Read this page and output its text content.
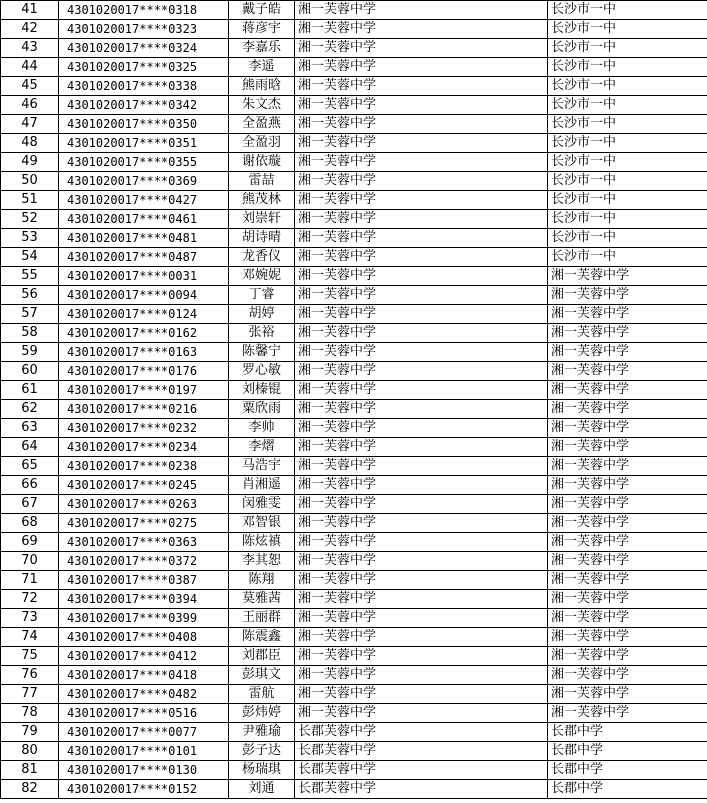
41	4301020017****0318	戴子皓	湘一芙蓉中学	长沙市一中
42	4301020017****0323	蒋彦宇	湘一芙蓉中学	长沙市一中
43	4301020017****0324	李嘉乐	湘一芙蓉中学	长沙市一中
44	4301020017****0325	李遥	湘一芙蓉中学	长沙市一中
45	4301020017****0338	熊雨晗	湘一芙蓉中学	长沙市一中
46	4301020017****0342	朱文杰	湘一芙蓉中学	长沙市一中
47	4301020017****0350	全盈燕	湘一芙蓉中学	长沙市一中
48	4301020017****0351	全盈羽	湘一芙蓉中学	长沙市一中
49	4301020017****0355	谢依璇	湘一芙蓉中学	长沙市一中
50	4301020017****0369	雷喆	湘一芙蓉中学	长沙市一中
51	4301020017****0427	熊茂林	湘一芙蓉中学	长沙市一中
52	4301020017****0461	刘崇轩	湘一芙蓉中学	长沙市一中
53	4301020017****0481	胡诗晴	湘一芙蓉中学	长沙市一中
54	4301020017****0487	龙香仪	湘一芙蓉中学	长沙市一中
55	4301020017****0031	邓婉妮	湘一芙蓉中学	湘一芙蓉中学
56	4301020017****0094	丁睿	湘一芙蓉中学	湘一芙蓉中学
57	4301020017****0124	胡婷	湘一芙蓉中学	湘一芙蓉中学
58	4301020017****0162	张裕	湘一芙蓉中学	湘一芙蓉中学
59	4301020017****0163	陈馨宁	湘一芙蓉中学	湘一芙蓉中学
60	4301020017****0176	罗心敏	湘一芙蓉中学	湘一芙蓉中学
61	4301020017****0197	刘榛锟	湘一芙蓉中学	湘一芙蓉中学
62	4301020017****0216	粟欣雨	湘一芙蓉中学	湘一芙蓉中学
63	4301020017****0232	李帅	湘一芙蓉中学	湘一芙蓉中学
64	4301020017****0234	李熠	湘一芙蓉中学	湘一芙蓉中学
65	4301020017****0238	马浩宇	湘一芙蓉中学	湘一芙蓉中学
66	4301020017****0245	肖湘遥	湘一芙蓉中学	湘一芙蓉中学
67	4301020017****0263	闵雅雯	湘一芙蓉中学	湘一芙蓉中学
68	4301020017****0275	邓智银	湘一芙蓉中学	湘一芙蓉中学
69	4301020017****0363	陈炫禛	湘一芙蓉中学	湘一芙蓉中学
70	4301020017****0372	李其恕	湘一芙蓉中学	湘一芙蓉中学
71	4301020017****0387	陈翔	湘一芙蓉中学	湘一芙蓉中学
72	4301020017****0394	莫雅茜	湘一芙蓉中学	湘一芙蓉中学
73	4301020017****0399	王丽群	湘一芙蓉中学	湘一芙蓉中学
74	4301020017****0408	陈震鑫	湘一芙蓉中学	湘一芙蓉中学
75	4301020017****0412	刘郡臣	湘一芙蓉中学	湘一芙蓉中学
76	4301020017****0418	彭琪文	湘一芙蓉中学	湘一芙蓉中学
77	4301020017****0482	雷航	湘一芙蓉中学	湘一芙蓉中学
78	4301020017****0516	彭炜婷	湘一芙蓉中学	湘一芙蓉中学
79	4301020017****0077	尹雅瑜	长郡芙蓉中学	长郡中学
80	4301020017****0101	彭子达	长郡芙蓉中学	长郡中学
81	4301020017****0130	杨瑞琪	长郡芙蓉中学	长郡中学
82	4301020017****0152	刘通	长郡芙蓉中学	长郡中学
